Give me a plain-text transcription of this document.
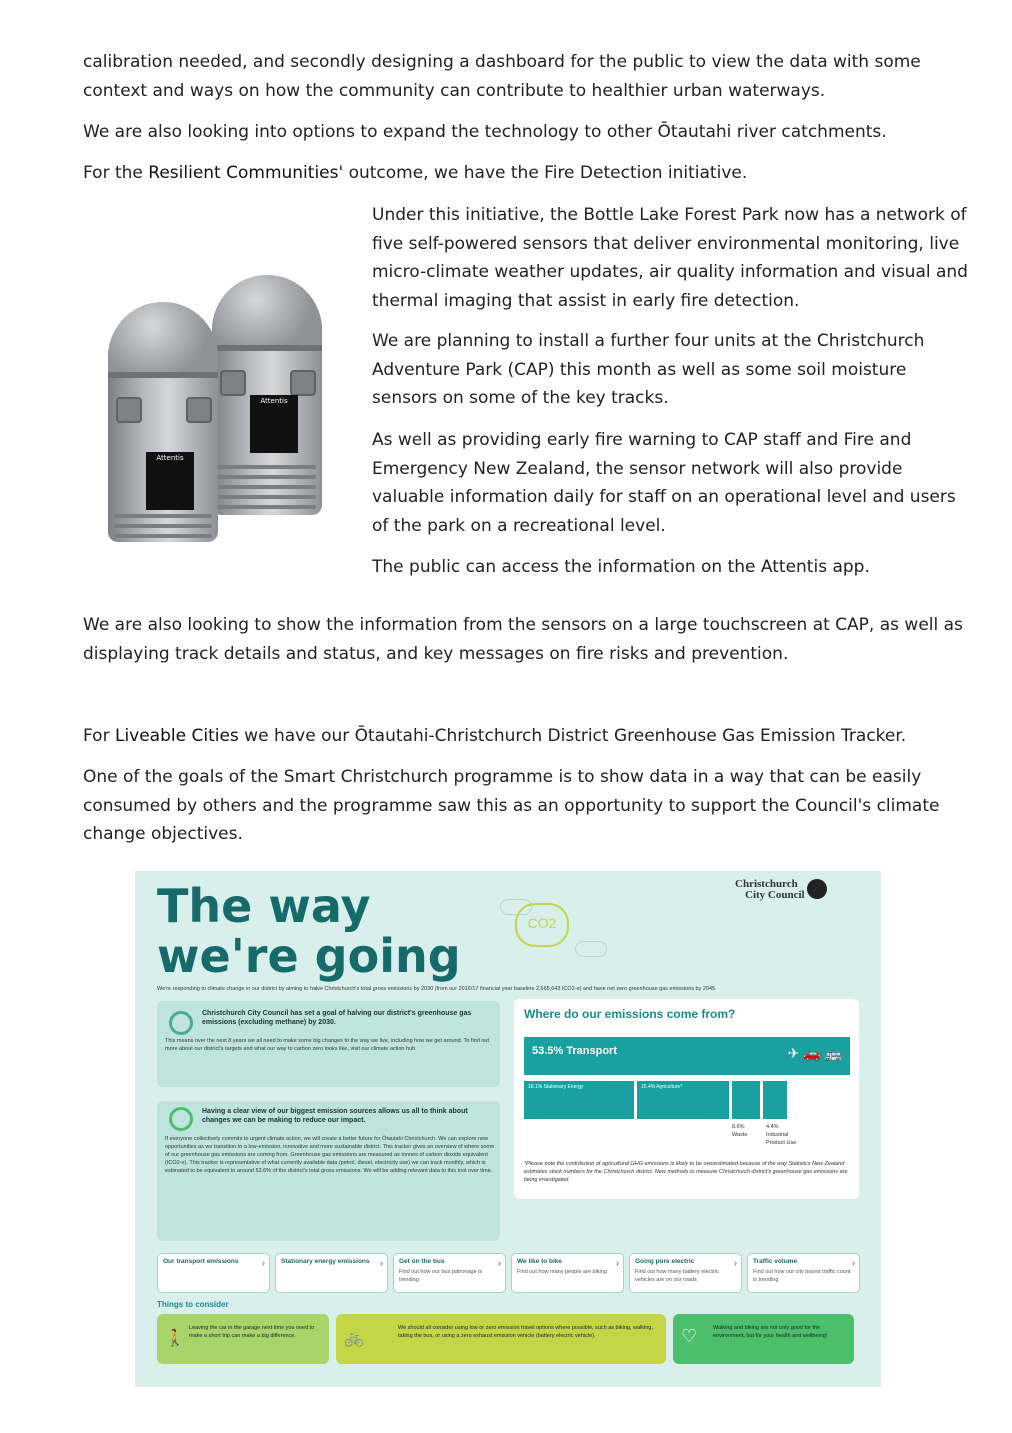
calibration needed, and secondly designing a dashboard for the public to view the data with some context and ways on how the community can contribute to healthier urban waterways.

We are also looking into options to expand the technology to other Ōtautahi river catchments.

For the Resilient Communities' outcome, we have the Fire Detection initiative.

Attentis
Attentis

Under this initiative, the Bottle Lake Forest Park now has a network of five self-powered sensors that deliver environmental monitoring, live micro-climate weather updates, air quality information and visual and thermal imaging that assist in early fire detection.

We are planning to install a further four units at the Christchurch Adventure Park (CAP) this month as well as some soil moisture sensors on some of the key tracks.

As well as providing early fire warning to CAP staff and Fire and Emergency New Zealand, the sensor network will also provide valuable information daily for staff on an operational level and users of the park on a recreational level.

The public can access the information on the Attentis app.

We are also looking to show the information from the sensors on a large touchscreen at CAP, as well as displaying track details and status, and key messages on fire risks and prevention.

For Liveable Cities we have our Ōtautahi-Christchurch District Greenhouse Gas Emission Tracker.

One of the goals of the Smart Christchurch programme is to show data in a way that can be easily consumed by others and the programme saw this as an opportunity to support the Council's climate change objectives.

The way
we're going
Christchurch
City Council
CO2
We're responding to climate change in our district by aiming to halve Christchurch's total gross emissions by 2030 (from our 2016/17 financial year baseline 2,665,643 tCO2-e) and have net zero greenhouse gas emissions by 2045.
Christchurch City Council has set a goal of halving our district's greenhouse gas emissions (excluding methane) by 2030.
This means over the next 8 years we all need to make some big changes to the way we live, including how we get around. To find out more about our district's targets and what our way to carbon zero looks like, visit our climate action hub
Having a clear view of our biggest emission sources allows us all to think about changes we can be making to reduce our impact.
If everyone collectively commits to urgent climate action, we will create a better future for Ōtautahi Christchurch. We can explore new opportunities as we transition to a low-emission, innovative and more sustainable district. This tracker gives an overview of where some of our greenhouse gas emissions are coming from. Greenhouse gas emissions are measured as tonnes of carbon dioxide equivalent (tCO2-e). This tracker is representative of what currently available data (petrol, diesel, electricity use) we can track monthly, which is estimated to be equivalent to around 52.6% of the district's total gross emissions. We will be adding relevant data to this tool over time.
Where do our emissions come from?
53.5% Transport	✈ 🚗 🚌
18.1% Stationary Energy	15.4% Agriculture*
8.6%
Waste
4.4%
Industrial Product Use
*Please note the contribution of agricultural GHG emissions is likely to be overestimated because of the way Statistics New Zealand estimates stock numbers for the Christchurch district. New methods to measure Christchurch district's greenhouse gas emissions are being investigated.
Our transport emissions	› Stationary energy emissions › Get on the bus
Find out how our bus patronage is trending
› We like to bike
Find out how many people are biking
› Going pure electric
Find out how many battery electric vehicles are on our roads
› Traffic volume
Find out how our city bound traffic count is trending
›
Things to consider
🚶
Leaving the car in the garage next time you need to make a short trip can make a big difference.	🚲
We should all consider using low or zero emission travel options where possible, such as biking, walking, taking the bus, or using a zero exhaust emission vehicle (battery electric vehicle).	♡	Walking and biking are not only good for the environment, but for your health and wellbeing!
